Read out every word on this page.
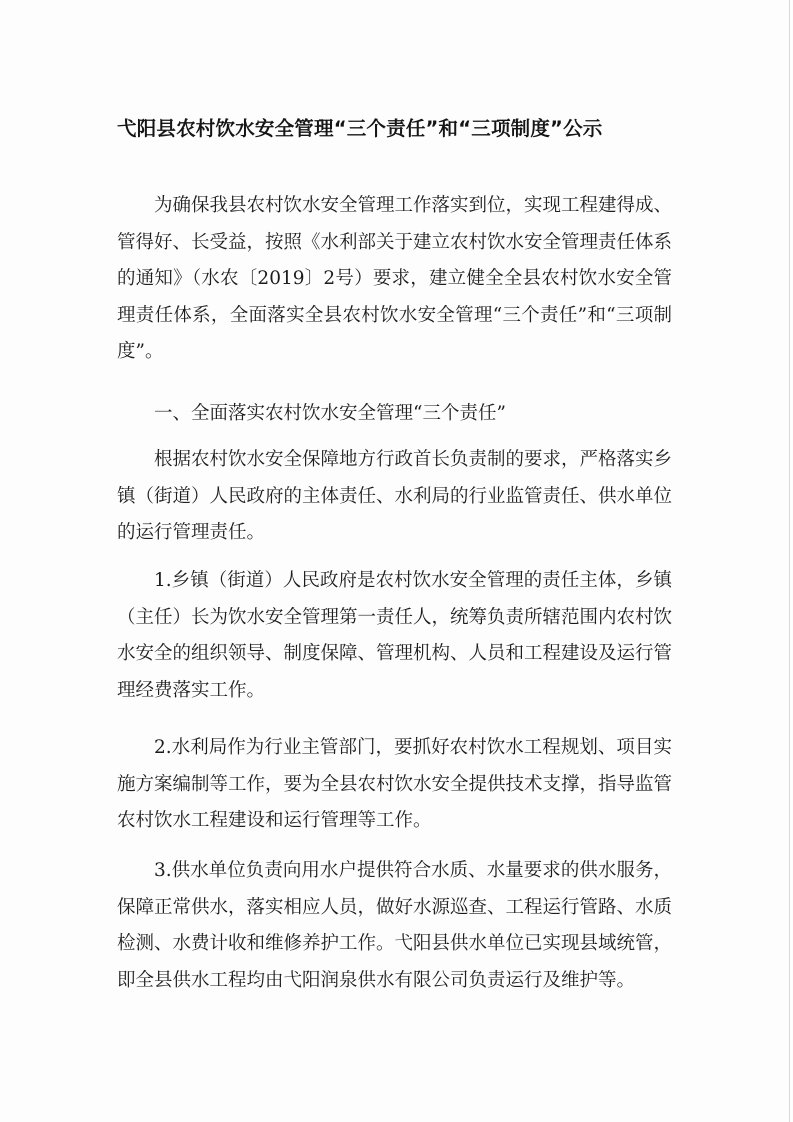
弋阳县农村饮水安全管理“三个责任”和“三项制度”公示

为确保我县农村饮水安全管理工作落实到位，实现工程建得成、管得好、长受益，按照《水利部关于建立农村饮水安全管理责任体系的通知》（水农〔2019〕2号）要求，建立健全全县农村饮水安全管理责任体系，全面落实全县农村饮水安全管理“三个责任”和“三项制度”。

一、全面落实农村饮水安全管理“三个责任”

根据农村饮水安全保障地方行政首长负责制的要求，严格落实乡镇（街道）人民政府的主体责任、水利局的行业监管责任、供水单位的运行管理责任。

1.乡镇（街道）人民政府是农村饮水安全管理的责任主体，乡镇（主任）长为饮水安全管理第一责任人，统筹负责所辖范围内农村饮水安全的组织领导、制度保障、管理机构、人员和工程建设及运行管理经费落实工作。

2.水利局作为行业主管部门，要抓好农村饮水工程规划、项目实施方案编制等工作，要为全县农村饮水安全提供技术支撑，指导监管农村饮水工程建设和运行管理等工作。

3.供水单位负责向用水户提供符合水质、水量要求的供水服务，保障正常供水，落实相应人员，做好水源巡查、工程运行管路、水质检测、水费计收和维修养护工作。弋阳县供水单位已实现县域统管，即全县供水工程均由弋阳润泉供水有限公司负责运行及维护等。
